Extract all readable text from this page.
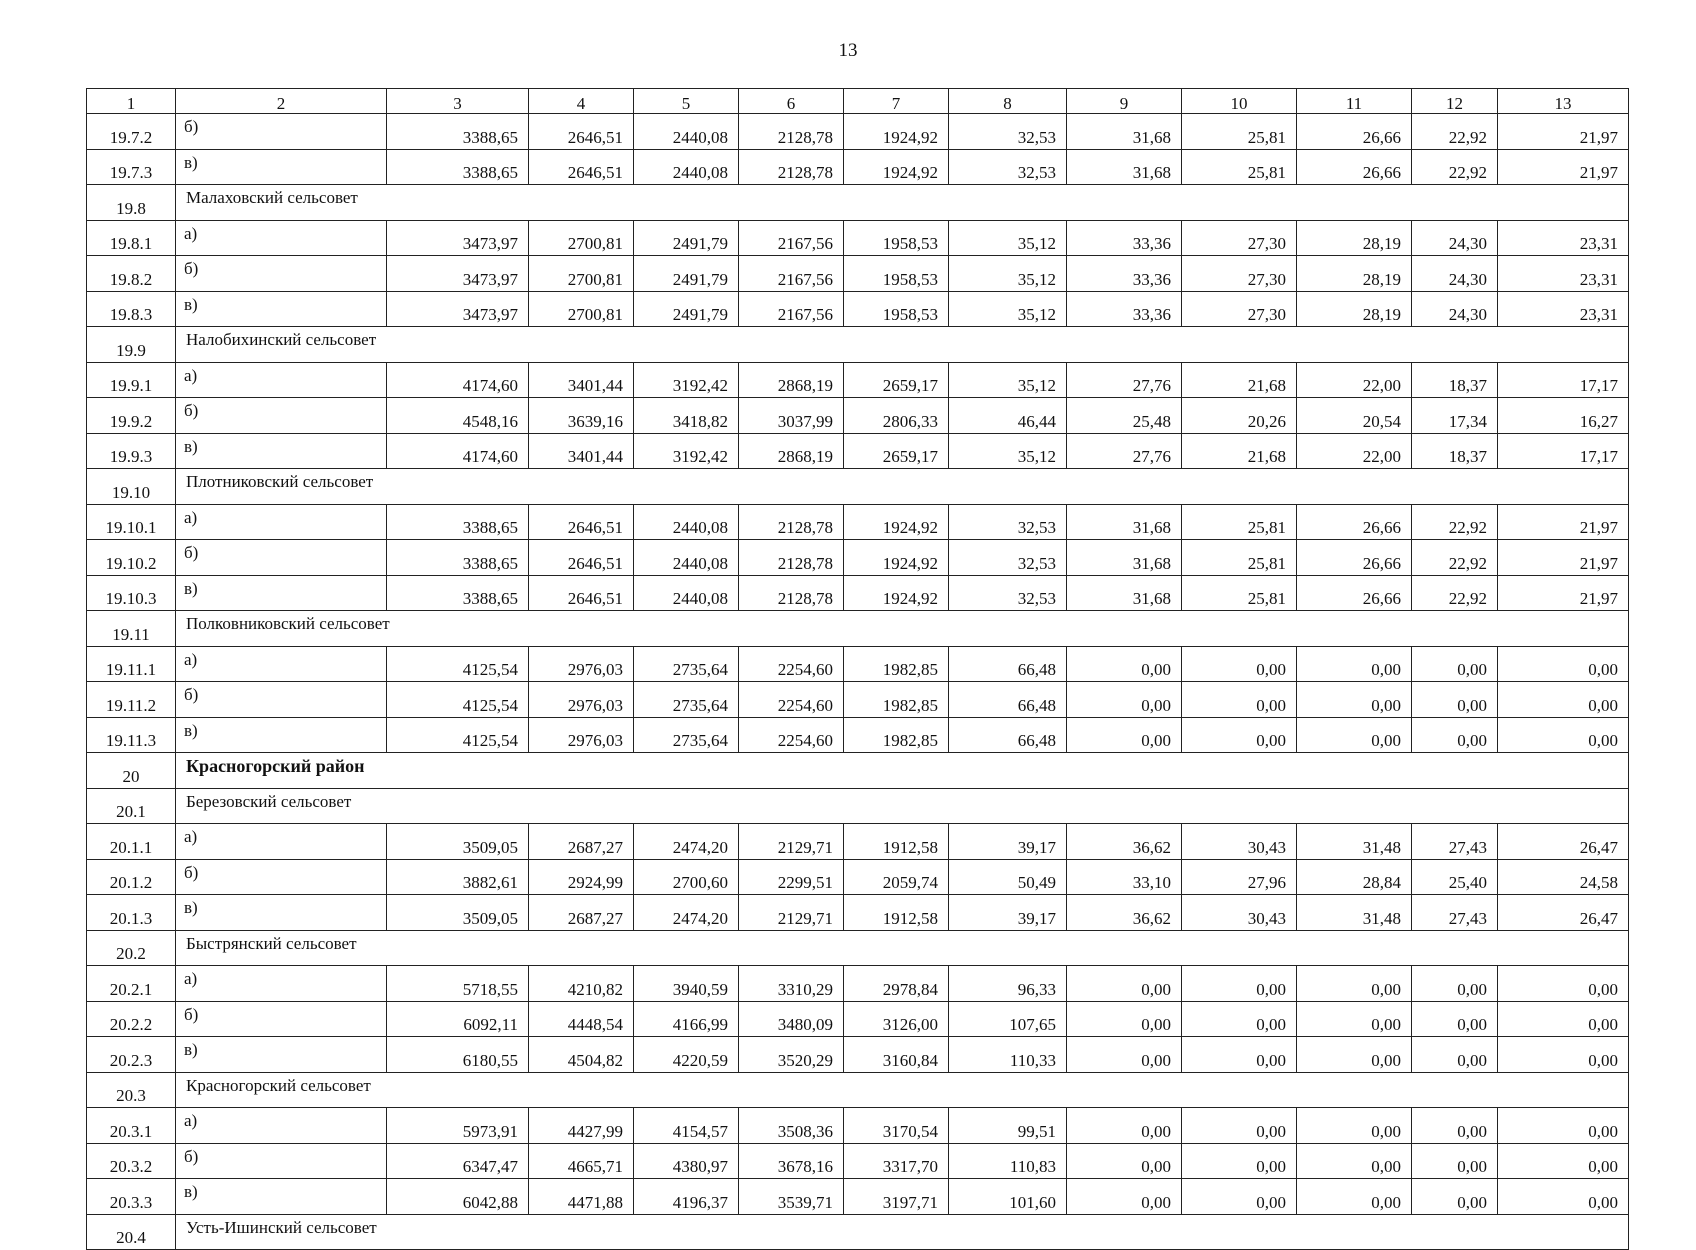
13
1	2	3	4	5	6	7	8	9	10	11	12	13
19.7.2	б)	3388,65	2646,51	2440,08	2128,78	1924,92	32,53	31,68	25,81	26,66	22,92	21,97
19.7.3	в)	3388,65	2646,51	2440,08	2128,78	1924,92	32,53	31,68	25,81	26,66	22,92	21,97
19.8	Малаховский сельсовет											
19.8.1	а)	3473,97	2700,81	2491,79	2167,56	1958,53	35,12	33,36	27,30	28,19	24,30	23,31
19.8.2	б)	3473,97	2700,81	2491,79	2167,56	1958,53	35,12	33,36	27,30	28,19	24,30	23,31
19.8.3	в)	3473,97	2700,81	2491,79	2167,56	1958,53	35,12	33,36	27,30	28,19	24,30	23,31
19.9	Налобихинский сельсовет											
19.9.1	а)	4174,60	3401,44	3192,42	2868,19	2659,17	35,12	27,76	21,68	22,00	18,37	17,17
19.9.2	б)	4548,16	3639,16	3418,82	3037,99	2806,33	46,44	25,48	20,26	20,54	17,34	16,27
19.9.3	в)	4174,60	3401,44	3192,42	2868,19	2659,17	35,12	27,76	21,68	22,00	18,37	17,17
19.10	Плотниковский сельсовет											
19.10.1	а)	3388,65	2646,51	2440,08	2128,78	1924,92	32,53	31,68	25,81	26,66	22,92	21,97
19.10.2	б)	3388,65	2646,51	2440,08	2128,78	1924,92	32,53	31,68	25,81	26,66	22,92	21,97
19.10.3	в)	3388,65	2646,51	2440,08	2128,78	1924,92	32,53	31,68	25,81	26,66	22,92	21,97
19.11	Полковниковский сельсовет											
19.11.1	а)	4125,54	2976,03	2735,64	2254,60	1982,85	66,48	0,00	0,00	0,00	0,00	0,00
19.11.2	б)	4125,54	2976,03	2735,64	2254,60	1982,85	66,48	0,00	0,00	0,00	0,00	0,00
19.11.3	в)	4125,54	2976,03	2735,64	2254,60	1982,85	66,48	0,00	0,00	0,00	0,00	0,00
20	Красногорский район											
20.1	Березовский сельсовет											
20.1.1	а)	3509,05	2687,27	2474,20	2129,71	1912,58	39,17	36,62	30,43	31,48	27,43	26,47
20.1.2	б)	3882,61	2924,99	2700,60	2299,51	2059,74	50,49	33,10	27,96	28,84	25,40	24,58
20.1.3	в)	3509,05	2687,27	2474,20	2129,71	1912,58	39,17	36,62	30,43	31,48	27,43	26,47
20.2	Быстрянский сельсовет											
20.2.1	а)	5718,55	4210,82	3940,59	3310,29	2978,84	96,33	0,00	0,00	0,00	0,00	0,00
20.2.2	б)	6092,11	4448,54	4166,99	3480,09	3126,00	107,65	0,00	0,00	0,00	0,00	0,00
20.2.3	в)	6180,55	4504,82	4220,59	3520,29	3160,84	110,33	0,00	0,00	0,00	0,00	0,00
20.3	Красногорский сельсовет											
20.3.1	а)	5973,91	4427,99	4154,57	3508,36	3170,54	99,51	0,00	0,00	0,00	0,00	0,00
20.3.2	б)	6347,47	4665,71	4380,97	3678,16	3317,70	110,83	0,00	0,00	0,00	0,00	0,00
20.3.3	в)	6042,88	4471,88	4196,37	3539,71	3197,71	101,60	0,00	0,00	0,00	0,00	0,00
20.4	Усть-Ишинский сельсовет											
